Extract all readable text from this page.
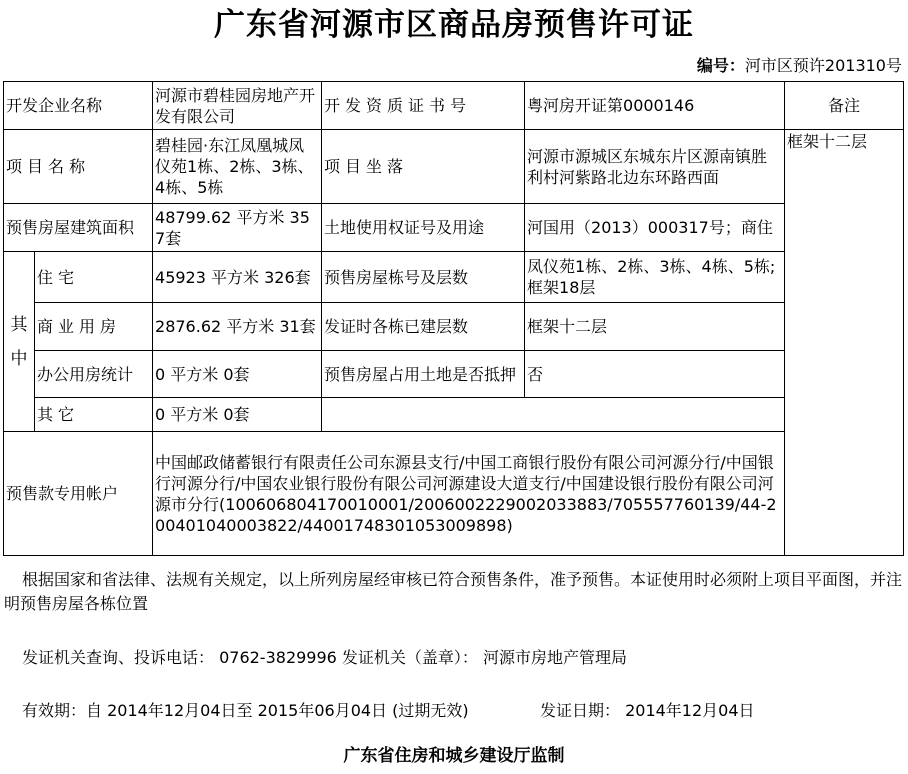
广东省河源市区商品房预售许可证
编号：河市区预许201310号
开发企业名称		河源市碧桂园房地产开发有限公司	开发资质证书号	粤河房开证第0000146	备注
项目名称		碧桂园·东江凤凰城凤仪苑1栋、2栋、3栋、4栋、5栋	项目坐落	河源市源城区东城东片区源南镇胜利村河紫路北边东环路西面	框架十二层
预售房屋建筑面积		48799.62 平方米 357套	土地使用权证号及用途	河国用（2013）000317号；商住	
其
中	住宅	45923 平方米 326套	预售房屋栋号及层数	凤仪苑1栋、2栋、3栋、4栋、5栋;框架18层	
	商业用房	2876.62 平方米 31套	发证时各栋已建层数	框架十二层	
	办公用房统计	0 平方米 0套	预售房屋占用土地是否抵押	否	
	其它	0 平方米 0套			
预售款专用帐户		中国邮政储蓄银行有限责任公司东源县支行/中国工商银行股份有限公司河源分行/中国银行河源分行/中国农业银行股份有限公司河源建设大道支行/中国建设银行股份有限公司河源市分行(100606804170010001/2006002229002033883/705557760139/44-200401040003822/44001748301053009898)			
根据国家和省法律、法规有关规定，以上所列房屋经审核已符合预售条件，准予预售。本证使用时必须附上项目平面图，并注明预售房屋各栋位置
发证机关查询、投诉电话： 0762-3829996 发证机关（盖章）： 河源市房地产管理局
有效期：自 2014年12月04日至 2015年06月04日 (过期无效)	发证日期： 2014年12月04日
广东省住房和城乡建设厅监制
